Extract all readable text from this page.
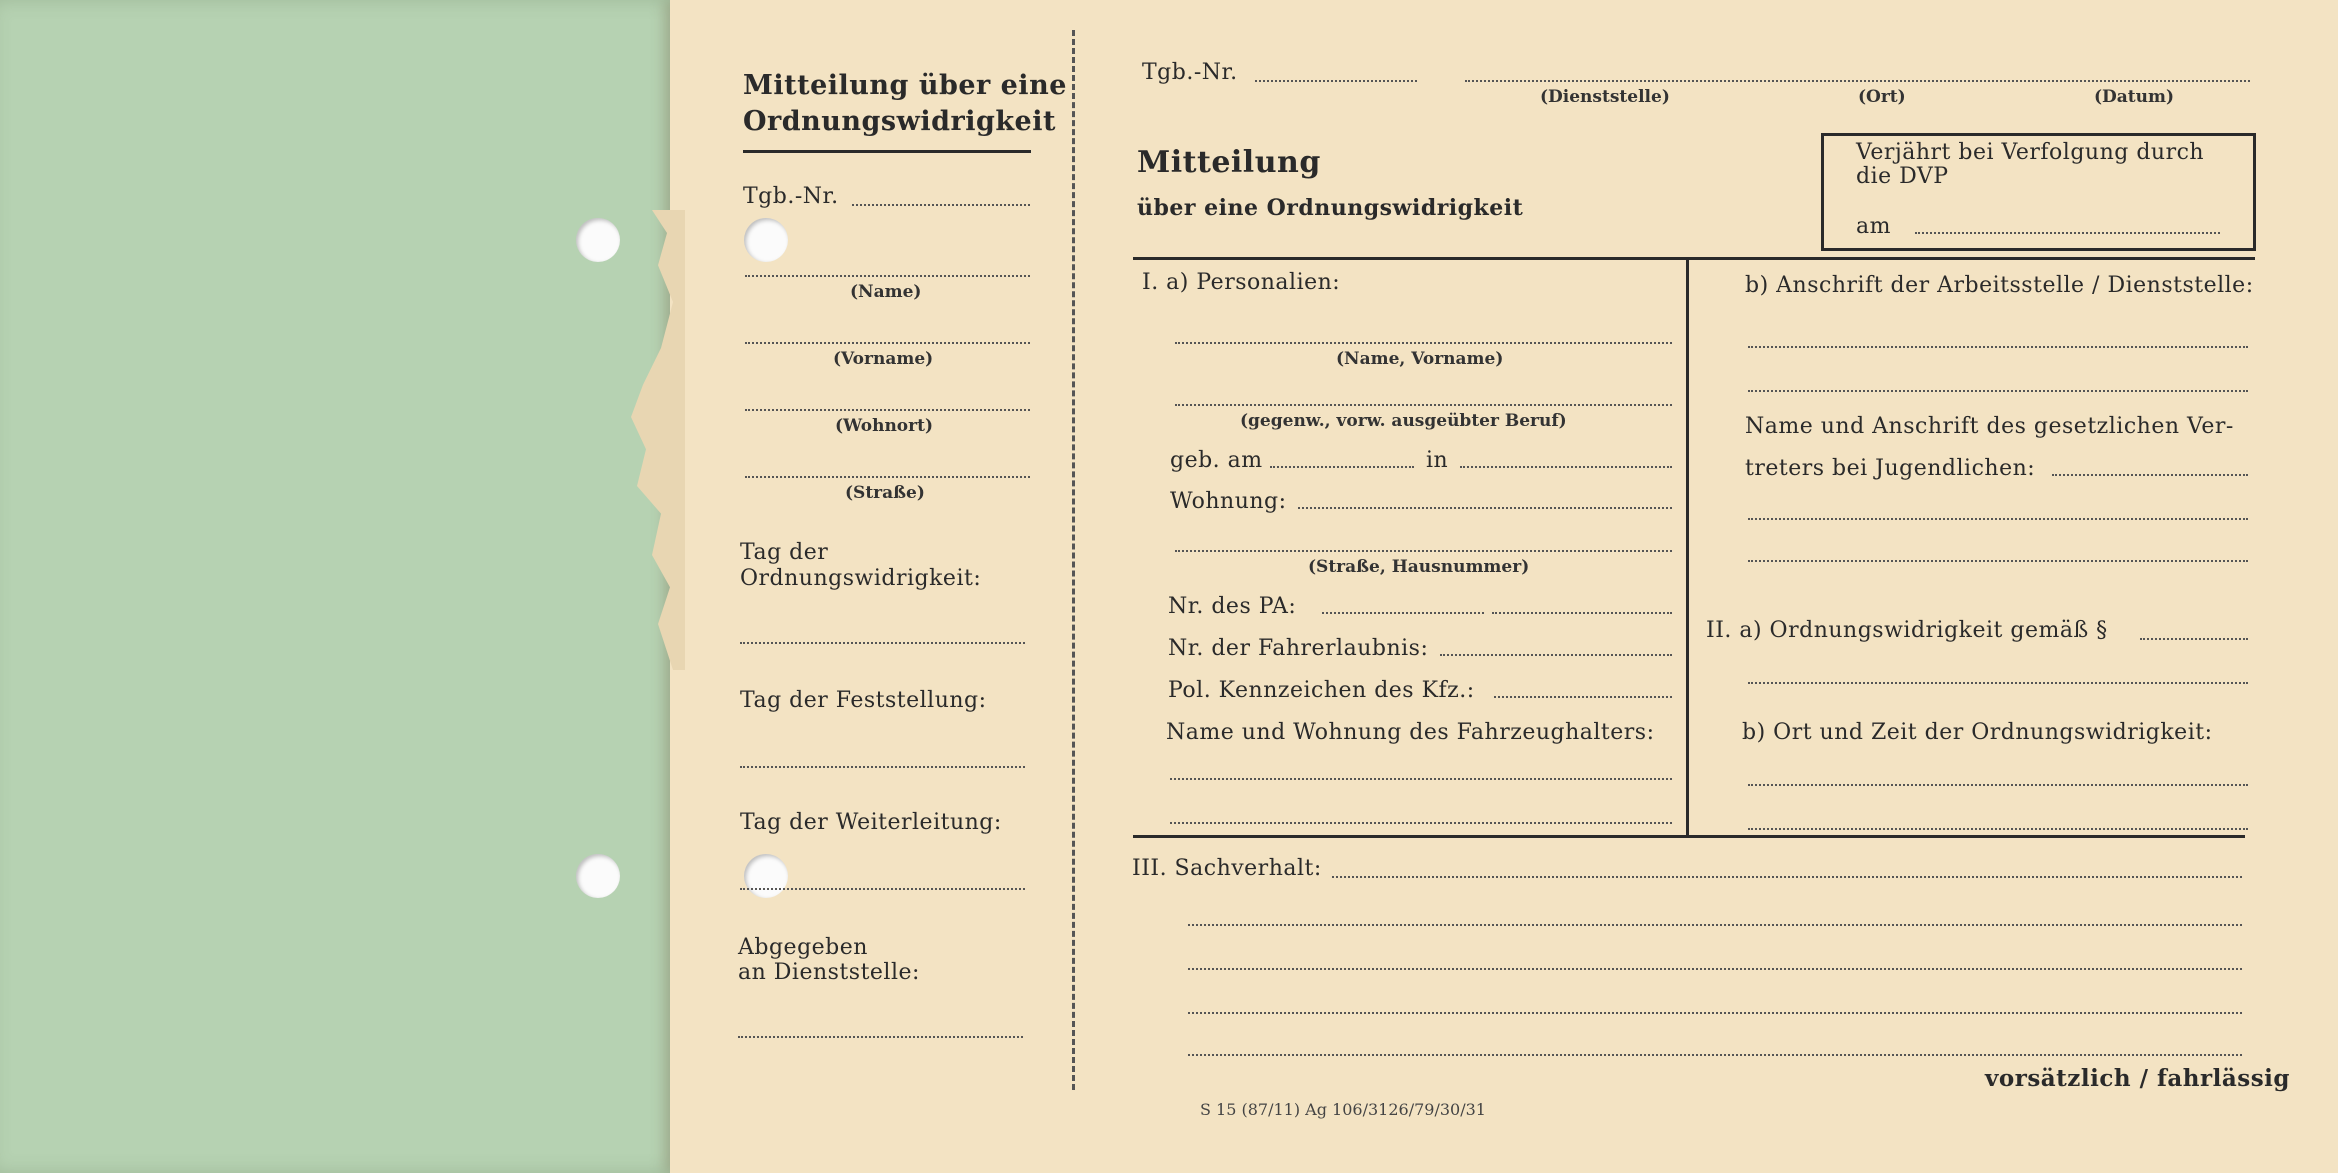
Mitteilung über eine
Ordnungswidrigkeit
Tgb.-Nr.
(Name)
(Vorname)
(Wohnort)
(Straße)
Tag der
Ordnungswidrigkeit:
Tag der Feststellung:
Tag der Weiterleitung:
Abgegeben
an Dienststelle:
Tgb.-Nr.
(Dienststelle)	(Ort)	(Datum)
Mitteilung
über eine Ordnungswidrigkeit
Verjährt bei Verfolgung durch
die DVP
am
I. a) Personalien:
(Name, Vorname)
(gegenw., vorw. ausgeübter Beruf)
geb. am	in
Wohnung:
(Straße, Hausnummer)
Nr. des PA:
Nr. der Fahrerlaubnis:
Pol. Kennzeichen des Kfz.:
Name und Wohnung des Fahrzeughalters:
b) Anschrift der Arbeitsstelle / Dienststelle:
Name und Anschrift des gesetzlichen Ver-
treters bei Jugendlichen:
II. a) Ordnungswidrigkeit gemäß §
b) Ort und Zeit der Ordnungswidrigkeit:
III. Sachverhalt:
vorsätzlich / fahrlässig
S 15 (87/11) Ag 106/3126/79/30/31
